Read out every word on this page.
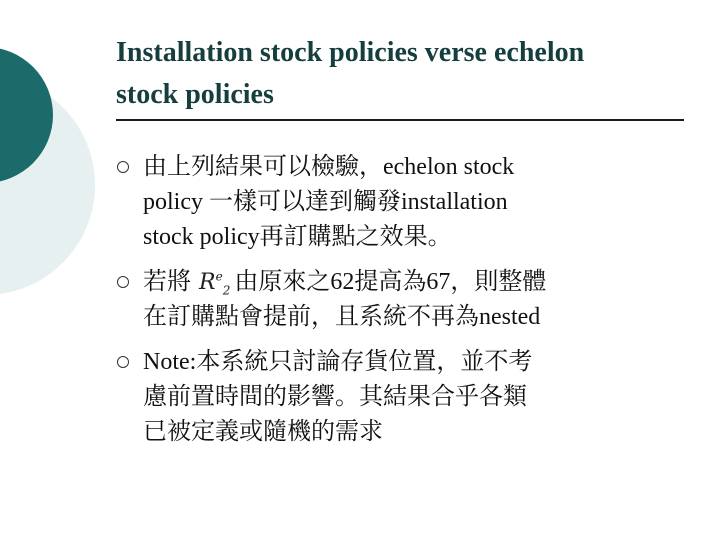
Installation stock policies verse echelon
stock policies
由上列結果可以檢驗，echelon stock
policy 一樣可以達到觸發installation
stock policy再訂購點之效果。
若將 $R^e_2$ 由原來之62提高為67，則整體
在訂購點會提前，且系統不再為nested
Note:本系統只討論存貨位置，並不考
慮前置時間的影響。其結果合乎各類
已被定義或隨機的需求
